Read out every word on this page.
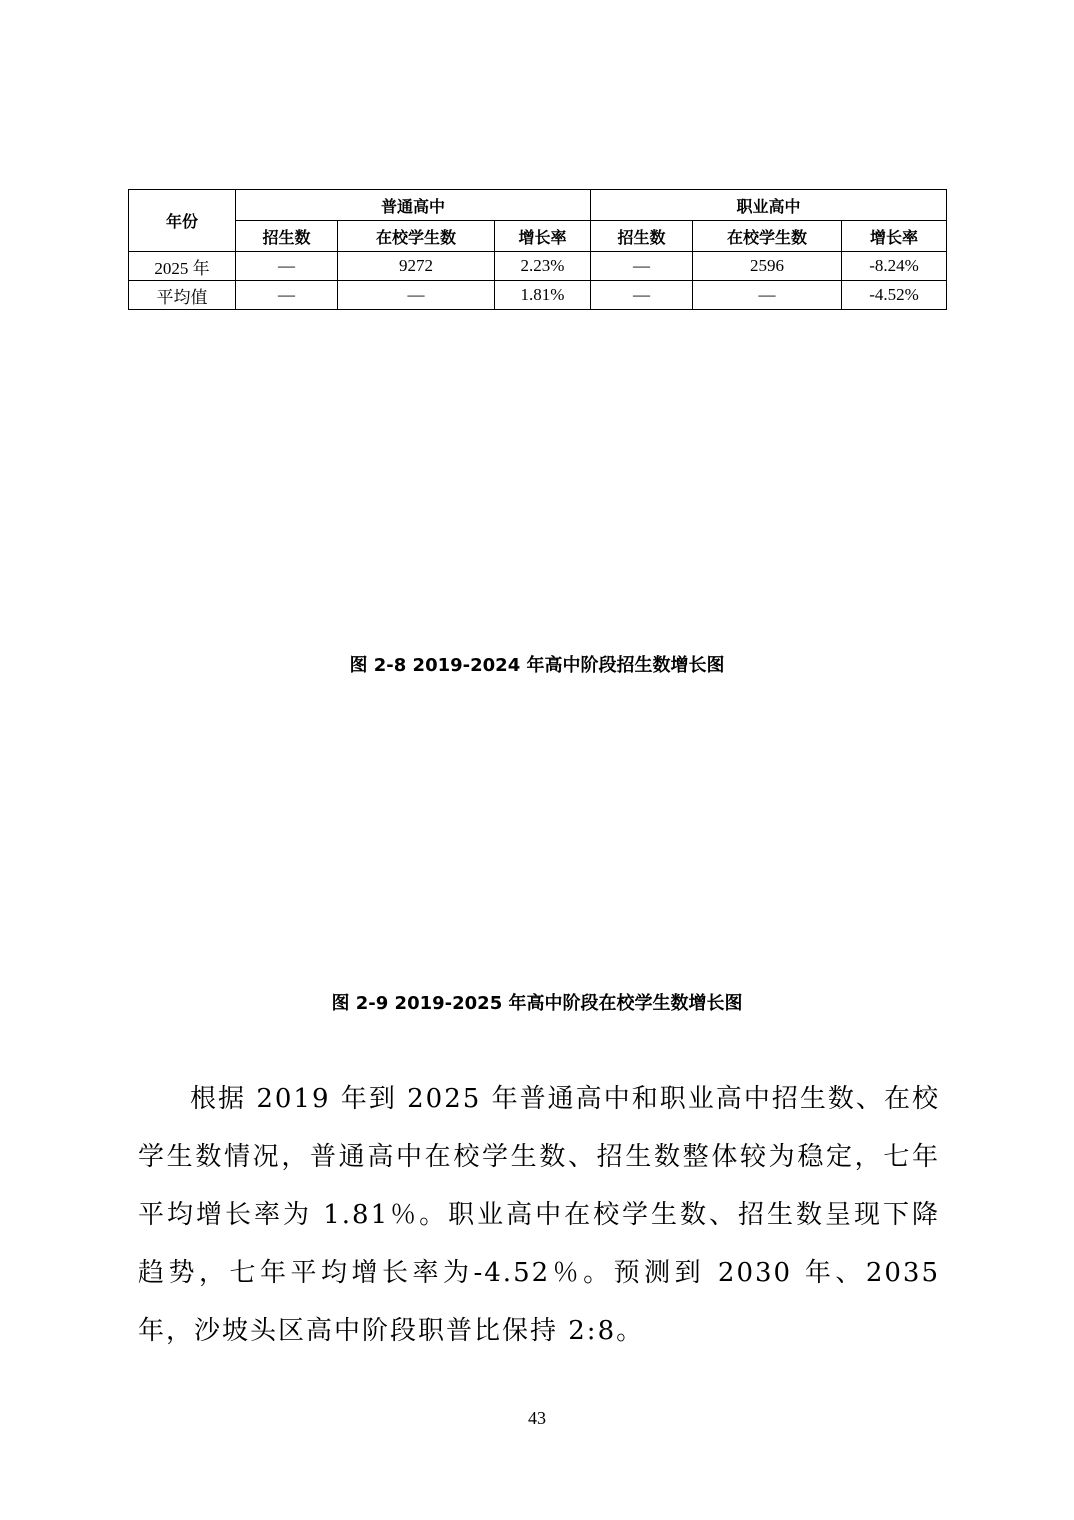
年份	普通高中			职业高中		
	招生数	在校学生数	增长率	招生数	在校学生数	增长率
2025 年	—	9272	2.23%	—	2596	-8.24%
平均值	—	—	1.81%	—	—	-4.52%
图 2-8 2019-2024 年高中阶段招生数增长图
图 2-9 2019-2025 年高中阶段在校学生数增长图

根据 2019 年到 2025 年普通高中和职业高中招生数、在校学生数情况，普通高中在校学生数、招生数整体较为稳定，七年平均增长率为 1.81％。职业高中在校学生数、招生数呈现下降趋势，七年平均增长率为-4.52％。预测到 2030 年、2035 年，沙坡头区高中阶段职普比保持 2:8。

43
